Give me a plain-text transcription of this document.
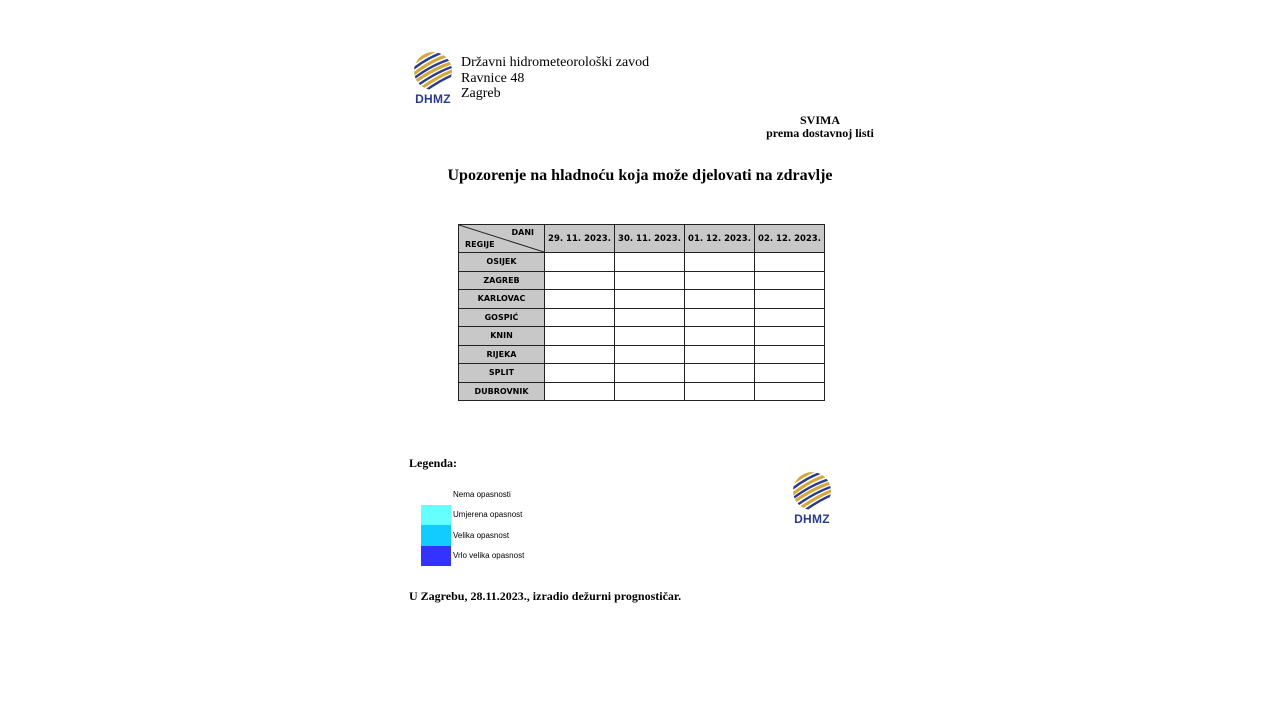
DHMZ
Državni hidrometeorološki zavod
Ravnice 48
Zagreb
SVIMA
prema dostavnoj listi
Upozorenje na hladnoću koja može djelovati na zdravlje
DANI
REGIJE	29. 11. 2023.	30. 11. 2023.	01. 12. 2023.	02. 12. 2023.
OSIJEK				
ZAGREB				
KARLOVAC				
GOSPIĆ				
KNIN				
RIJEKA				
SPLIT				
DUBROVNIK				
Legenda:
Nema opasnosti
Umjerena opasnost
Velika opasnost
Vrlo velika opasnost
DHMZ
U Zagrebu, 28.11.2023., izradio dežurni prognostičar.
